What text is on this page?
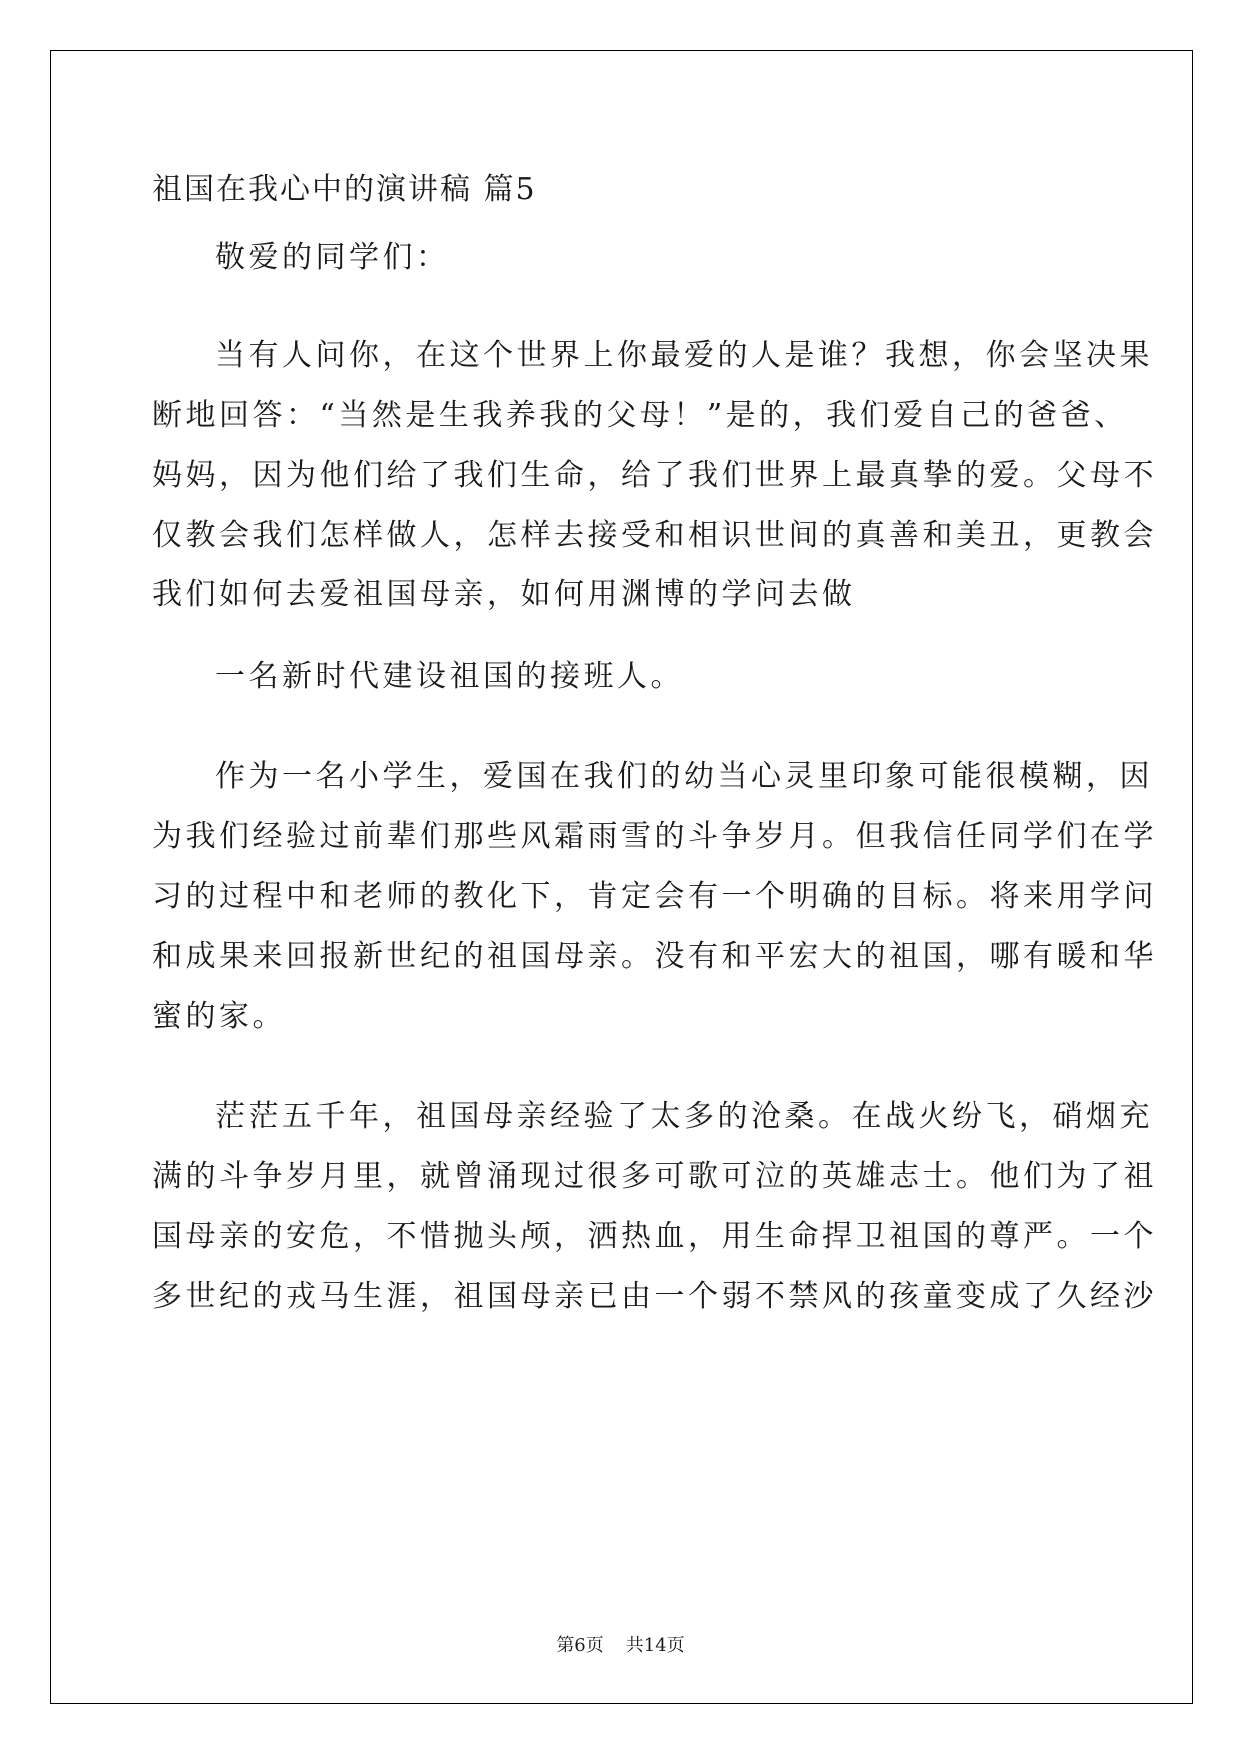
祖国在我心中的演讲稿 篇5
敬爱的同学们：
当有人问你，在这个世界上你最爱的人是谁？我想，你会坚决果
断地回答：“当然是生我养我的父母！”是的，我们爱自己的爸爸、
妈妈，因为他们给了我们生命，给了我们世界上最真挚的爱。父母不
仅教会我们怎样做人，怎样去接受和相识世间的真善和美丑，更教会
我们如何去爱祖国母亲，如何用渊博的学问去做
一名新时代建设祖国的接班人。
作为一名小学生，爱国在我们的幼当心灵里印象可能很模糊，因
为我们经验过前辈们那些风霜雨雪的斗争岁月。但我信任同学们在学
习的过程中和老师的教化下，肯定会有一个明确的目标。将来用学问
和成果来回报新世纪的祖国母亲。没有和平宏大的祖国，哪有暖和华
蜜的家。
茫茫五千年，祖国母亲经验了太多的沧桑。在战火纷飞，硝烟充
满的斗争岁月里，就曾涌现过很多可歌可泣的英雄志士。他们为了祖
国母亲的安危，不惜抛头颅，洒热血，用生命捍卫祖国的尊严。一个
多世纪的戎马生涯，祖国母亲已由一个弱不禁风的孩童变成了久经沙
第6页 共14页
